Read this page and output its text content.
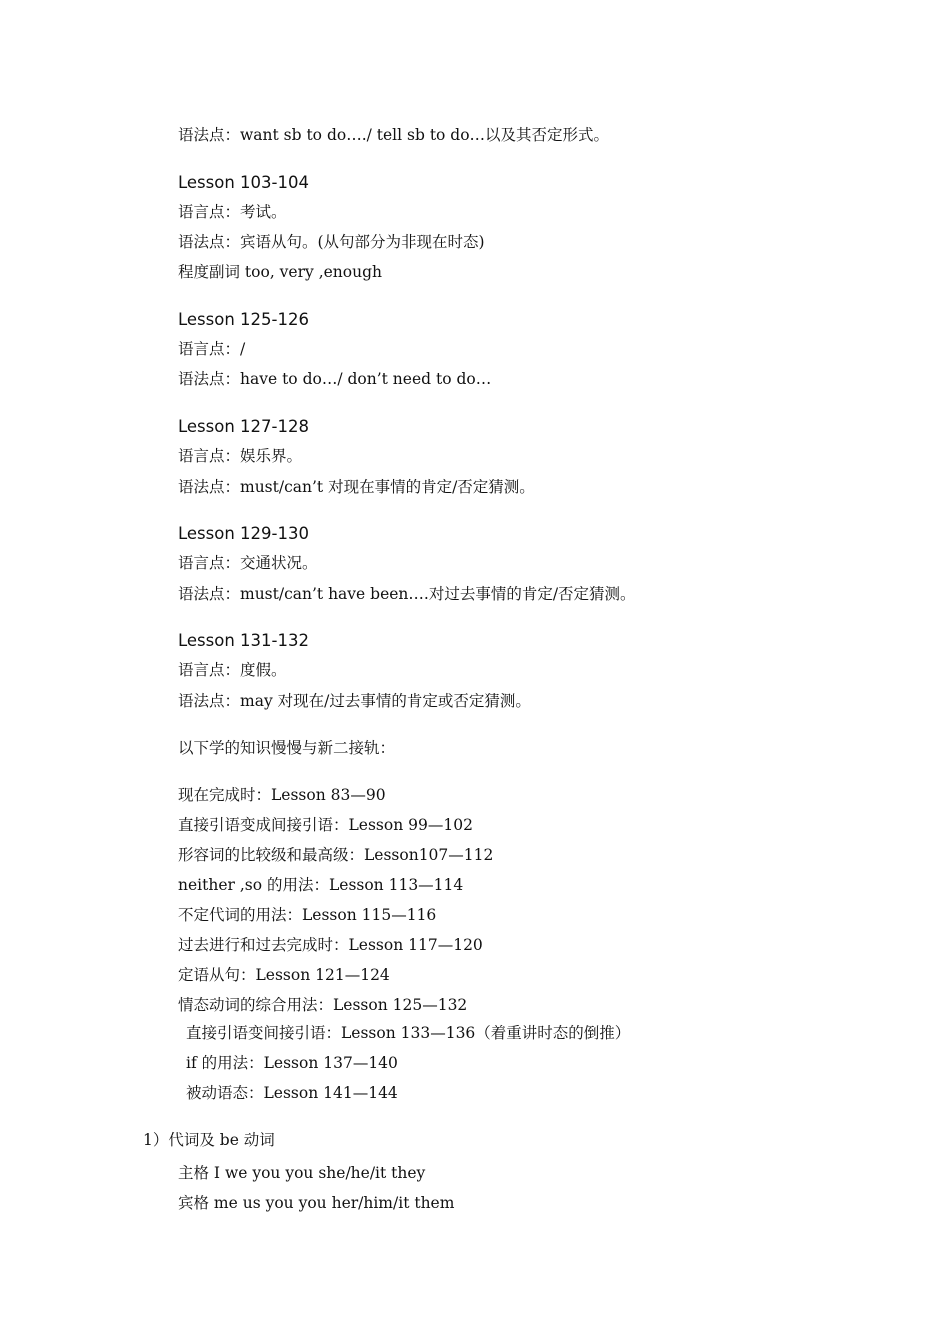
语法点：want sb to do…./ tell sb to do…以及其否定形式。
Lesson 103-104
语言点：考试。
语法点：宾语从句。(从句部分为非现在时态)
程度副词 too, very ,enough
Lesson 125-126
语言点：/
语法点：have to do…/ don’t need to do…
Lesson 127-128
语言点：娱乐界。
语法点：must/can’t 对现在事情的肯定/否定猜测。
Lesson 129-130
语言点：交通状况。
语法点：must/can’t have been….对过去事情的肯定/否定猜测。
Lesson 131-132
语言点：度假。
语法点：may 对现在/过去事情的肯定或否定猜测。
以下学的知识慢慢与新二接轨：
现在完成时：Lesson 83—90
直接引语变成间接引语：Lesson 99—102
形容词的比较级和最高级：Lesson107—112
neither ,so 的用法：Lesson 113—114
不定代词的用法：Lesson 115—116
过去进行和过去完成时：Lesson 117—120
定语从句：Lesson 121—124
情态动词的综合用法：Lesson 125—132
直接引语变间接引语：Lesson 133—136（着重讲时态的倒推）
if 的用法：Lesson 137—140
被动语态：Lesson 141—144
1）代词及 be 动词
主格 I we you you she/he/it they
宾格 me us you you her/him/it them
